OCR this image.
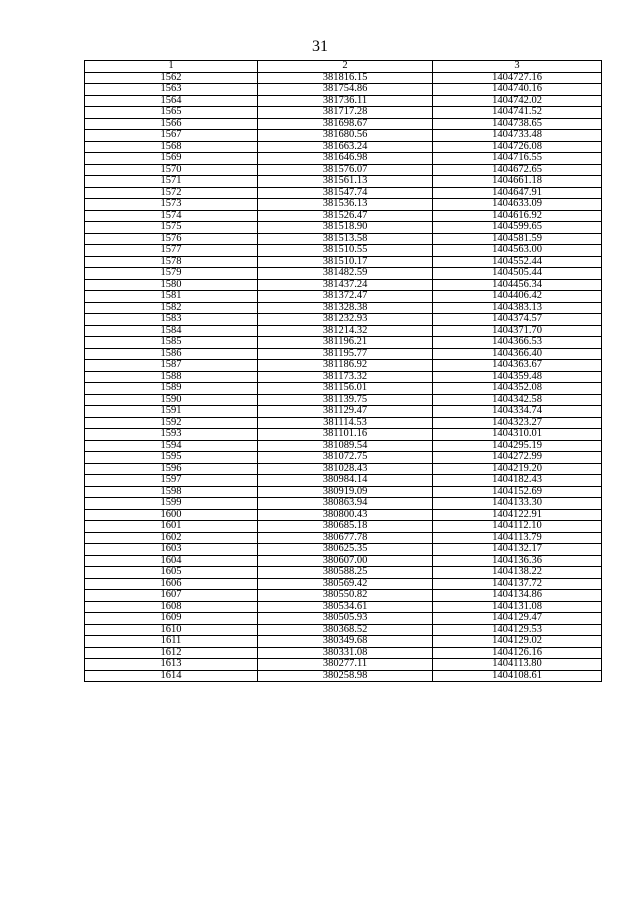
31
1	2	3
1562	381816.15	1404727.16
1563	381754.86	1404740.16
1564	381736.11	1404742.02
1565	381717.28	1404741.52
1566	381698.67	1404738.65
1567	381680.56	1404733.48
1568	381663.24	1404726.08
1569	381646.98	1404716.55
1570	381576.07	1404672.65
1571	381561.13	1404661.18
1572	381547.74	1404647.91
1573	381536.13	1404633.09
1574	381526.47	1404616.92
1575	381518.90	1404599.65
1576	381513.58	1404581.59
1577	381510.55	1404563.00
1578	381510.17	1404552.44
1579	381482.59	1404505.44
1580	381437.24	1404456.34
1581	381372.47	1404406.42
1582	381328.38	1404383.13
1583	381232.93	1404374.57
1584	381214.32	1404371.70
1585	381196.21	1404366.53
1586	381195.77	1404366.40
1587	381186.92	1404363.67
1588	381173.32	1404359.48
1589	381156.01	1404352.08
1590	381139.75	1404342.58
1591	381129.47	1404334.74
1592	381114.53	1404323.27
1593	381101.16	1404310.01
1594	381089.54	1404295.19
1595	381072.75	1404272.99
1596	381028.43	1404219.20
1597	380984.14	1404182.43
1598	380919.09	1404152.69
1599	380863.94	1404133.30
1600	380800.43	1404122.91
1601	380685.18	1404112.10
1602	380677.78	1404113.79
1603	380625.35	1404132.17
1604	380607.00	1404136.36
1605	380588.25	1404138.22
1606	380569.42	1404137.72
1607	380550.82	1404134.86
1608	380534.61	1404131.08
1609	380505.93	1404129.47
1610	380368.52	1404129.53
1611	380349.68	1404129.02
1612	380331.08	1404126.16
1613	380277.11	1404113.80
1614	380258.98	1404108.61
